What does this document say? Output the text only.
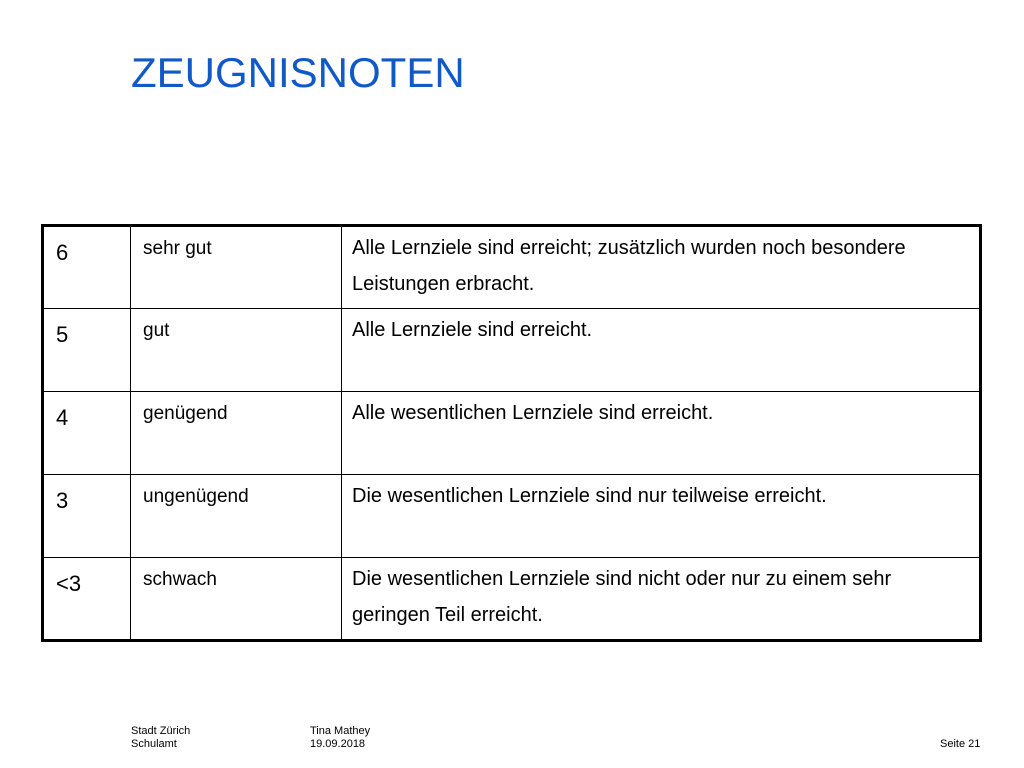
ZEUGNISNOTEN
6	sehr gut	Alle Lernziele sind erreicht; zusätzlich wurden noch besondere Leistungen erbracht.
5	gut	Alle Lernziele sind erreicht.
4	genügend	Alle wesentlichen Lernziele sind erreicht.
3	ungenügend	Die wesentlichen Lernziele sind nur teilweise erreicht.
<3	schwach	Die wesentlichen Lernziele sind nicht oder nur zu einem sehr geringen Teil erreicht.
Stadt Zürich
Schulamt
Tina Mathey
19.09.2018	Seite 21
